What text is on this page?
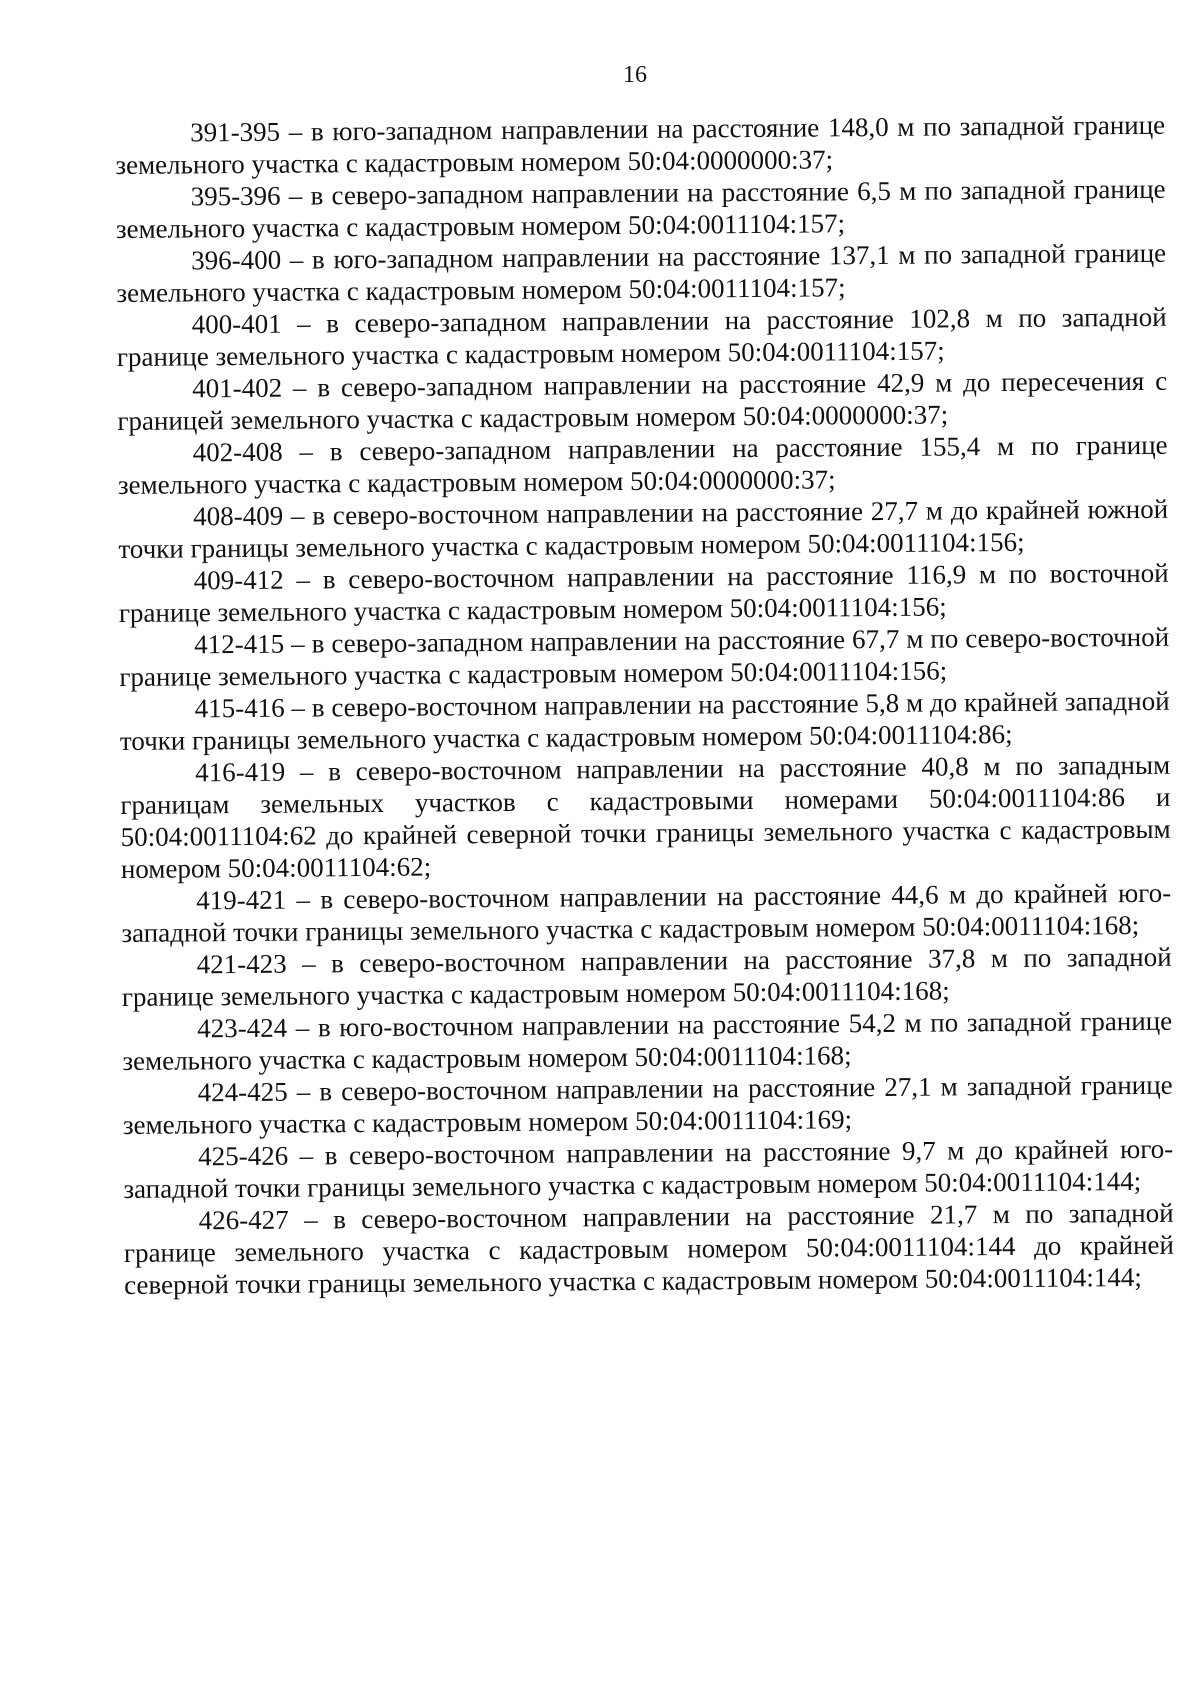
16

391-395 – в юго-западном направлении на расстояние 148,0 м по западной границе земельного участка с кадастровым номером 50:04:0000000:37;

395-396 – в северо-западном направлении на расстояние 6,5 м по западной границе земельного участка с кадастровым номером 50:04:0011104:157;

396-400 – в юго-западном направлении на расстояние 137,1 м по западной границе земельного участка с кадастровым номером 50:04:0011104:157;

400-401 – в северо-западном направлении на расстояние 102,8 м по западной границе земельного участка с кадастровым номером 50:04:0011104:157;

401-402 – в северо-западном направлении на расстояние 42,9 м до пересечения с границей земельного участка с кадастровым номером 50:04:0000000:37;

402-408 – в северо-западном направлении на расстояние 155,4 м по границе земельного участка с кадастровым номером 50:04:0000000:37;

408-409 – в северо-восточном направлении на расстояние 27,7 м до крайней южной точки границы земельного участка с кадастровым номером 50:04:0011104:156;

409-412 – в северо-восточном направлении на расстояние 116,9 м по восточной границе земельного участка с кадастровым номером 50:04:0011104:156;

412-415 – в северо-западном направлении на расстояние 67,7 м по северо-восточной границе земельного участка с кадастровым номером 50:04:0011104:156;

415-416 – в северо-восточном направлении на расстояние 5,8 м до крайней западной точки границы земельного участка с кадастровым номером 50:04:0011104:86;

416-419 – в северо-восточном направлении на расстояние 40,8 м по западным границам земельных участков с кадастровыми номерами 50:04:0011104:86 и 50:04:0011104:62 до крайней северной точки границы земельного участка с кадастровым номером 50:04:0011104:62;

419-421 – в северо-восточном направлении на расстояние 44,6 м до крайней юго-западной точки границы земельного участка с кадастровым номером 50:04:0011104:168;

421-423 – в северо-восточном направлении на расстояние 37,8 м по западной границе земельного участка с кадастровым номером 50:04:0011104:168;

423-424 – в юго-восточном направлении на расстояние 54,2 м по западной границе земельного участка с кадастровым номером 50:04:0011104:168;

424-425 – в северо-восточном направлении на расстояние 27,1 м западной границе земельного участка с кадастровым номером 50:04:0011104:169;

425-426 – в северо-восточном направлении на расстояние 9,7 м до крайней юго-западной точки границы земельного участка с кадастровым номером 50:04:0011104:144;

426-427 – в северо-восточном направлении на расстояние 21,7 м по западной границе земельного участка с кадастровым номером 50:04:0011104:144 до крайней северной точки границы земельного участка с кадастровым номером 50:04:0011104:144;
